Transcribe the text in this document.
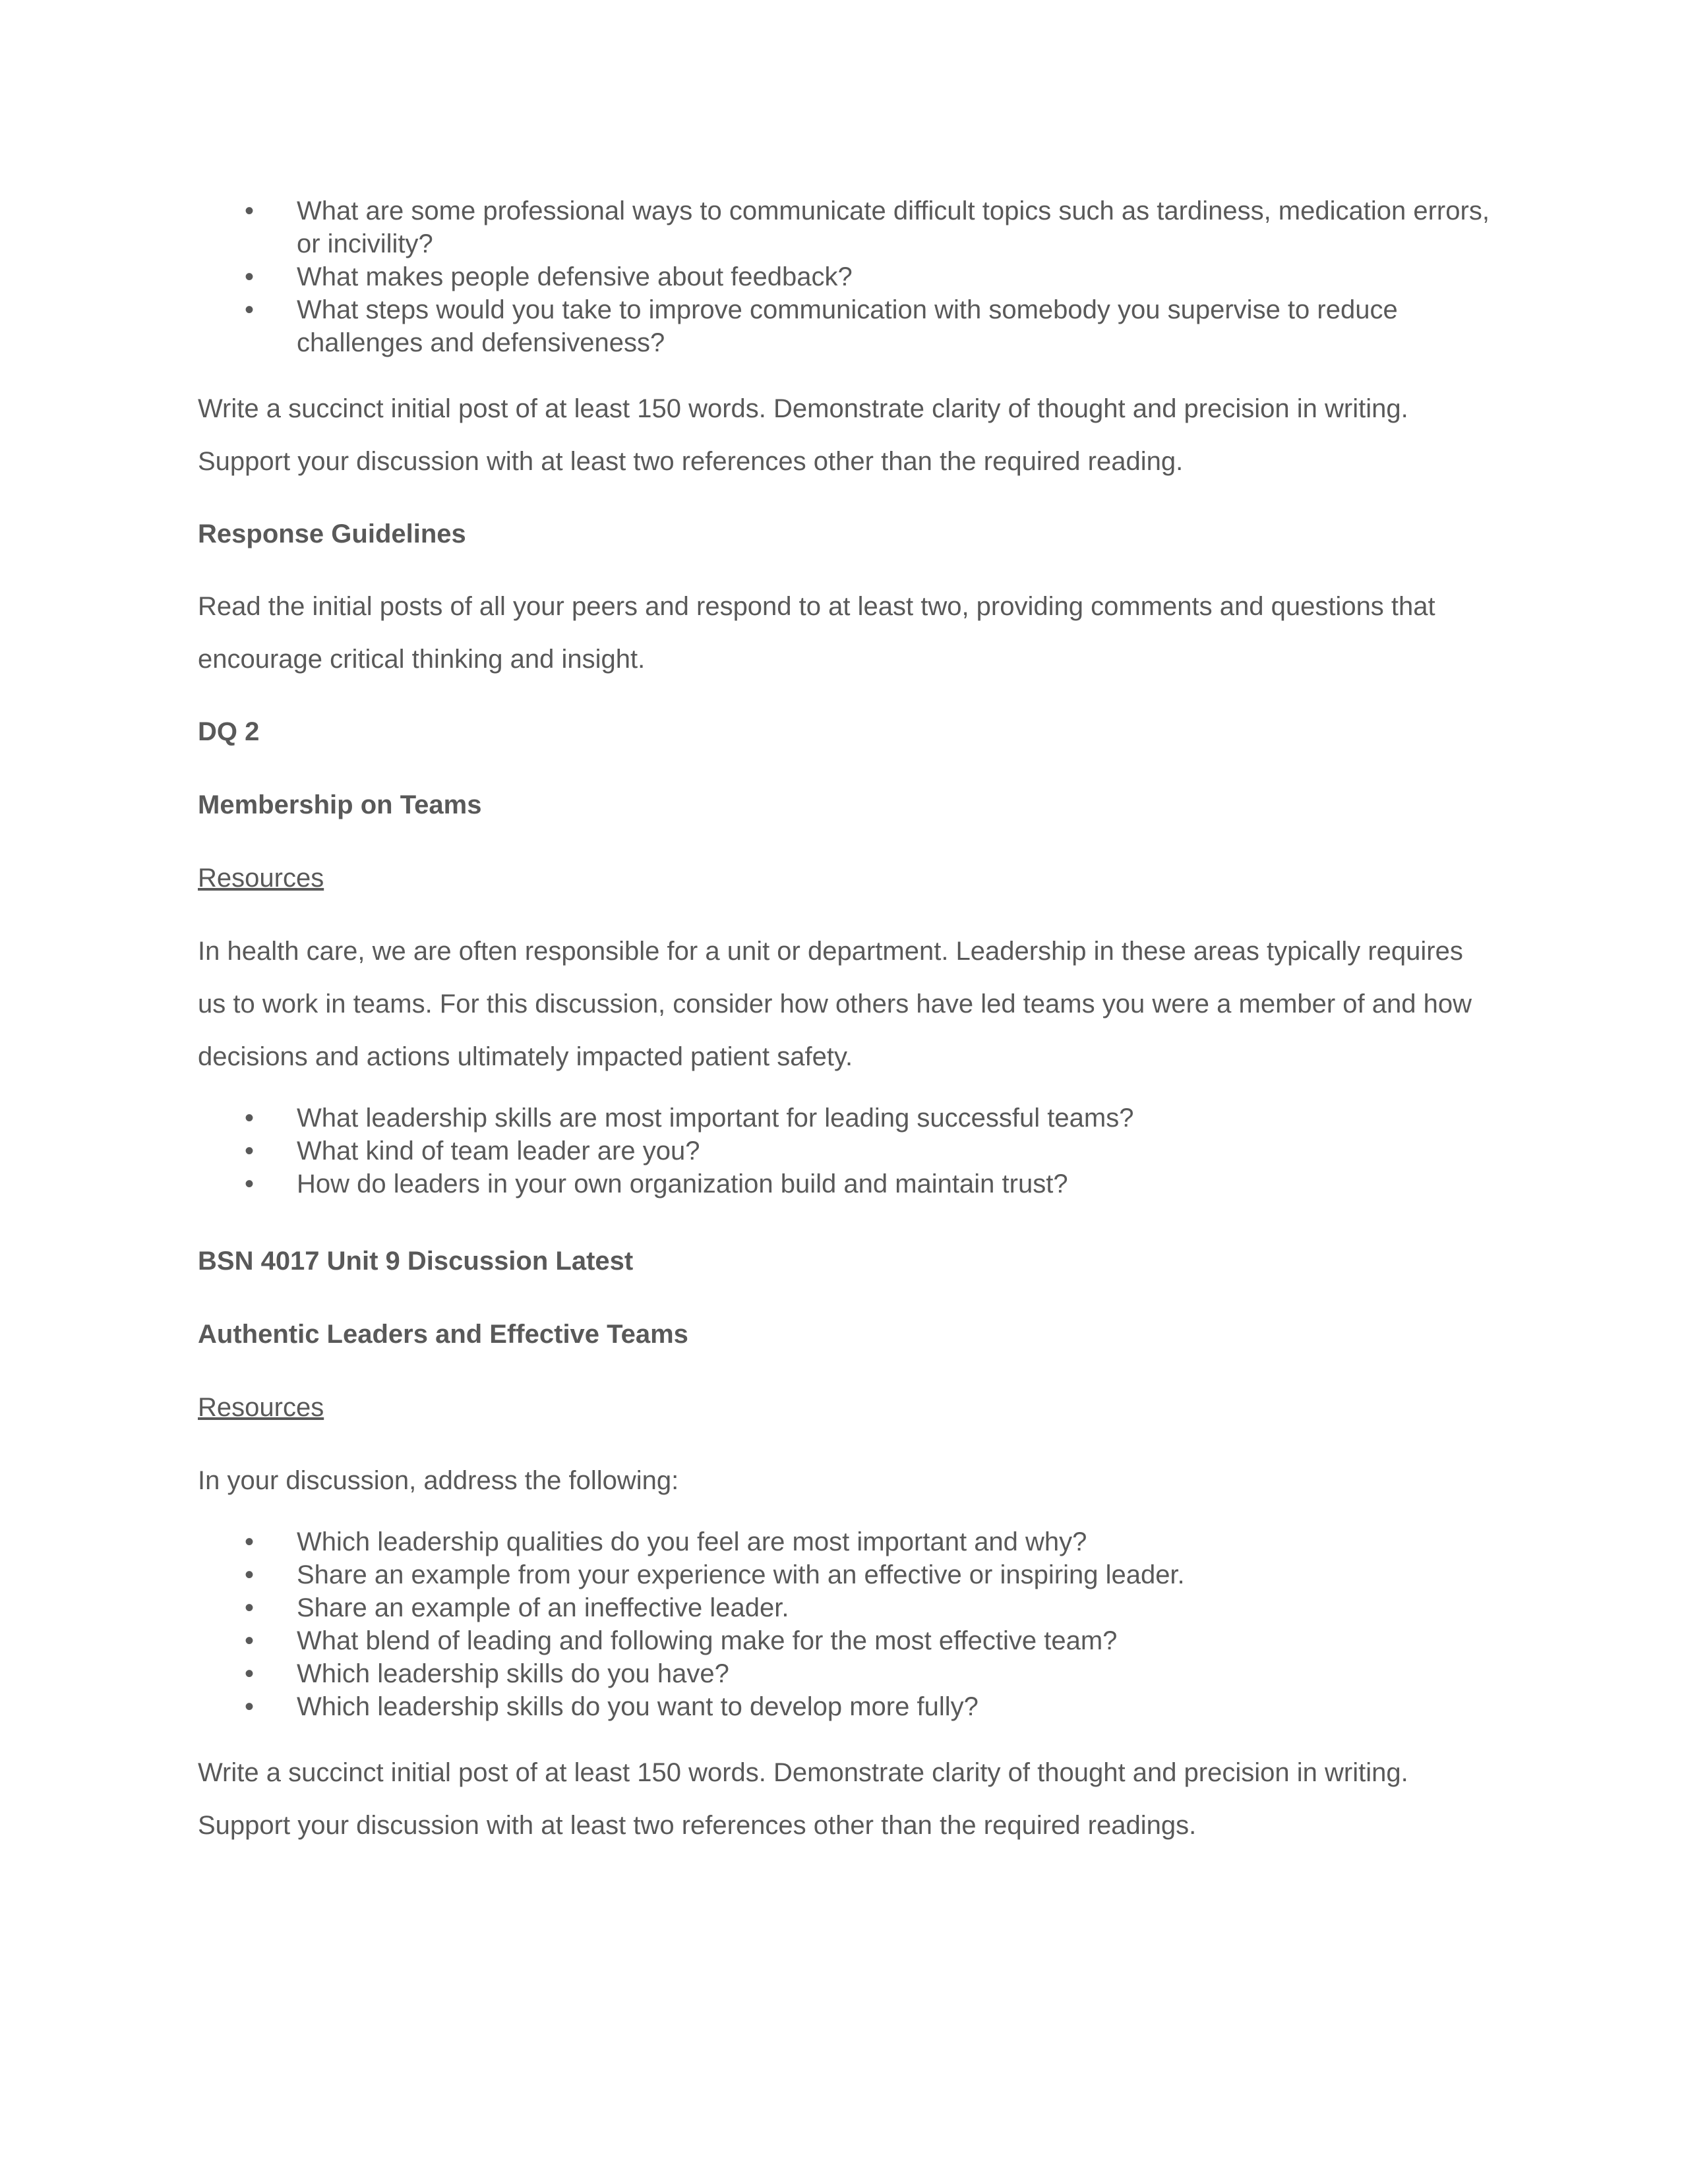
• What are some professional ways to communicate difficult topics such as tardiness, medication errors, or incivility?
• What makes people defensive about feedback?
• What steps would you take to improve communication with somebody you supervise to reduce challenges and defensiveness?

Write a succinct initial post of at least 150 words. Demonstrate clarity of thought and precision in writing. Support your discussion with at least two references other than the required reading.

Response Guidelines

Read the initial posts of all your peers and respond to at least two, providing comments and questions that encourage critical thinking and insight.

DQ 2

Membership on Teams

Resources

In health care, we are often responsible for a unit or department. Leadership in these areas typically requires us to work in teams. For this discussion, consider how others have led teams you were a member of and how decisions and actions ultimately impacted patient safety.

• What leadership skills are most important for leading successful teams?
• What kind of team leader are you?
• How do leaders in your own organization build and maintain trust?

BSN 4017 Unit 9 Discussion Latest

Authentic Leaders and Effective Teams

Resources

In your discussion, address the following:

• Which leadership qualities do you feel are most important and why?
• Share an example from your experience with an effective or inspiring leader.
• Share an example of an ineffective leader.
• What blend of leading and following make for the most effective team?
• Which leadership skills do you have?
• Which leadership skills do you want to develop more fully?

Write a succinct initial post of at least 150 words. Demonstrate clarity of thought and precision in writing. Support your discussion with at least two references other than the required readings.
